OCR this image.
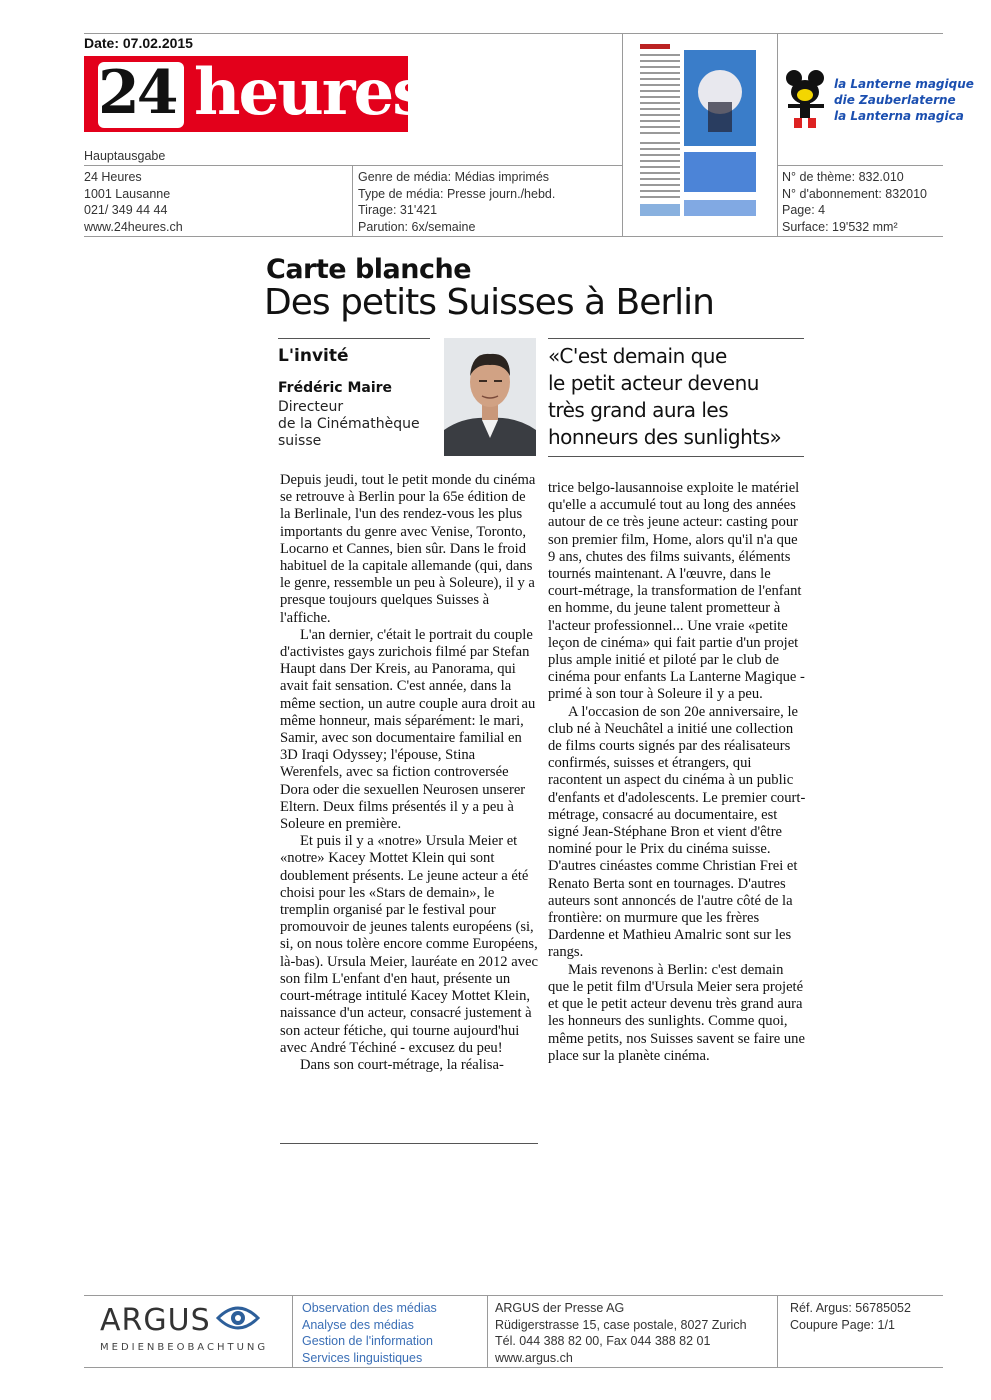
Date: 07.02.2015
24 heures	la Lanterne magique
die Zauberlaterne
la Lanterna magica
Hauptausgabe
24 Heures
1001 Lausanne
021/ 349 44 44
www.24heures.ch
Genre de média: Médias imprimés
Type de média: Presse journ./hebd.
Tirage: 31'421
Parution: 6x/semaine
N° de thème: 832.010
N° d'abonnement: 832010
Page: 4
Surface: 19'532 mm²
Carte blanche
Des petits Suisses à Berlin
L'invité
Frédéric Maire
Directeur
de la Cinémathèque
suisse
«C'est demain que
le petit acteur devenu
très grand aura les
honneurs des sunlights»

Depuis jeudi, tout le petit monde du cinéma se retrouve à Berlin pour la 65e édition de la Berlinale, l'un des rendez-vous les plus importants du genre avec Venise, Toronto, Locarno et Cannes, bien sûr. Dans le froid habituel de la capitale allemande (qui, dans le genre, ressemble un peu à Soleure), il y a presque toujours quelques Suisses à l'affiche.

L'an dernier, c'était le portrait du couple d'activistes gays zurichois filmé par Stefan Haupt dans Der Kreis, au Panorama, qui avait fait sensation. C'est année, dans la même section, un autre couple aura droit au même honneur, mais séparément: le mari, Samir, avec son documentaire familial en 3D Iraqi Odyssey; l'épouse, Stina Werenfels, avec sa fiction controversée Dora oder die sexuellen Neurosen unserer Eltern. Deux films présentés il y a peu à Soleure en première.

Et puis il y a «notre» Ursula Meier et «notre» Kacey Mottet Klein qui sont doublement présents. Le jeune acteur a été choisi pour les «Stars de demain», le tremplin organisé par le festival pour promouvoir de jeunes talents européens (si, si, on nous tolère encore comme Européens, là-bas). Ursula Meier, lauréate en 2012 avec son film L'enfant d'en haut, présente un court-métrage intitulé Kacey Mottet Klein, naissance d'un acteur, consacré justement à son acteur fétiche, qui tourne aujourd'hui avec André Téchiné - excusez du peu!

Dans son court-métrage, la réalisa-

trice belgo-lausannoise exploite le matériel qu'elle a accumulé tout au long des années autour de ce très jeune acteur: casting pour son premier film, Home, alors qu'il n'a que 9 ans, chutes des films suivants, éléments tournés maintenant. A l'œuvre, dans le court-métrage, la transformation de l'enfant en homme, du jeune talent prometteur à l'acteur professionnel... Une vraie «petite leçon de cinéma» qui fait partie d'un projet plus ample initié et piloté par le club de cinéma pour enfants La Lanterne Magique - primé à son tour à Soleure il y a peu.

A l'occasion de son 20e anniversaire, le club né à Neuchâtel a initié une collection de films courts signés par des réalisateurs confirmés, suisses et étrangers, qui racontent un aspect du cinéma à un public d'enfants et d'adolescents. Le premier court-métrage, consacré au documentaire, est signé Jean-Stéphane Bron et vient d'être nominé pour le Prix du cinéma suisse. D'autres cinéastes comme Christian Frei et Renato Berta sont en tournages. D'autres auteurs sont annoncés de l'autre côté de la frontière: on murmure que les frères Dardenne et Mathieu Amalric sont sur les rangs.

Mais revenons à Berlin: c'est demain que le petit film d'Ursula Meier sera projeté et que le petit acteur devenu très grand aura les honneurs des sunlights. Comme quoi, même petits, nos Suisses savent se faire une place sur la planète cinéma.

ARGUS
MEDIENBEOBACHTUNG
Observation des médias
Analyse des médias
Gestion de l'information
Services linguistiques
ARGUS der Presse AG
Rüdigerstrasse 15, case postale, 8027 Zurich
Tél. 044 388 82 00, Fax 044 388 82 01
www.argus.ch
Réf. Argus: 56785052
Coupure Page: 1/1
